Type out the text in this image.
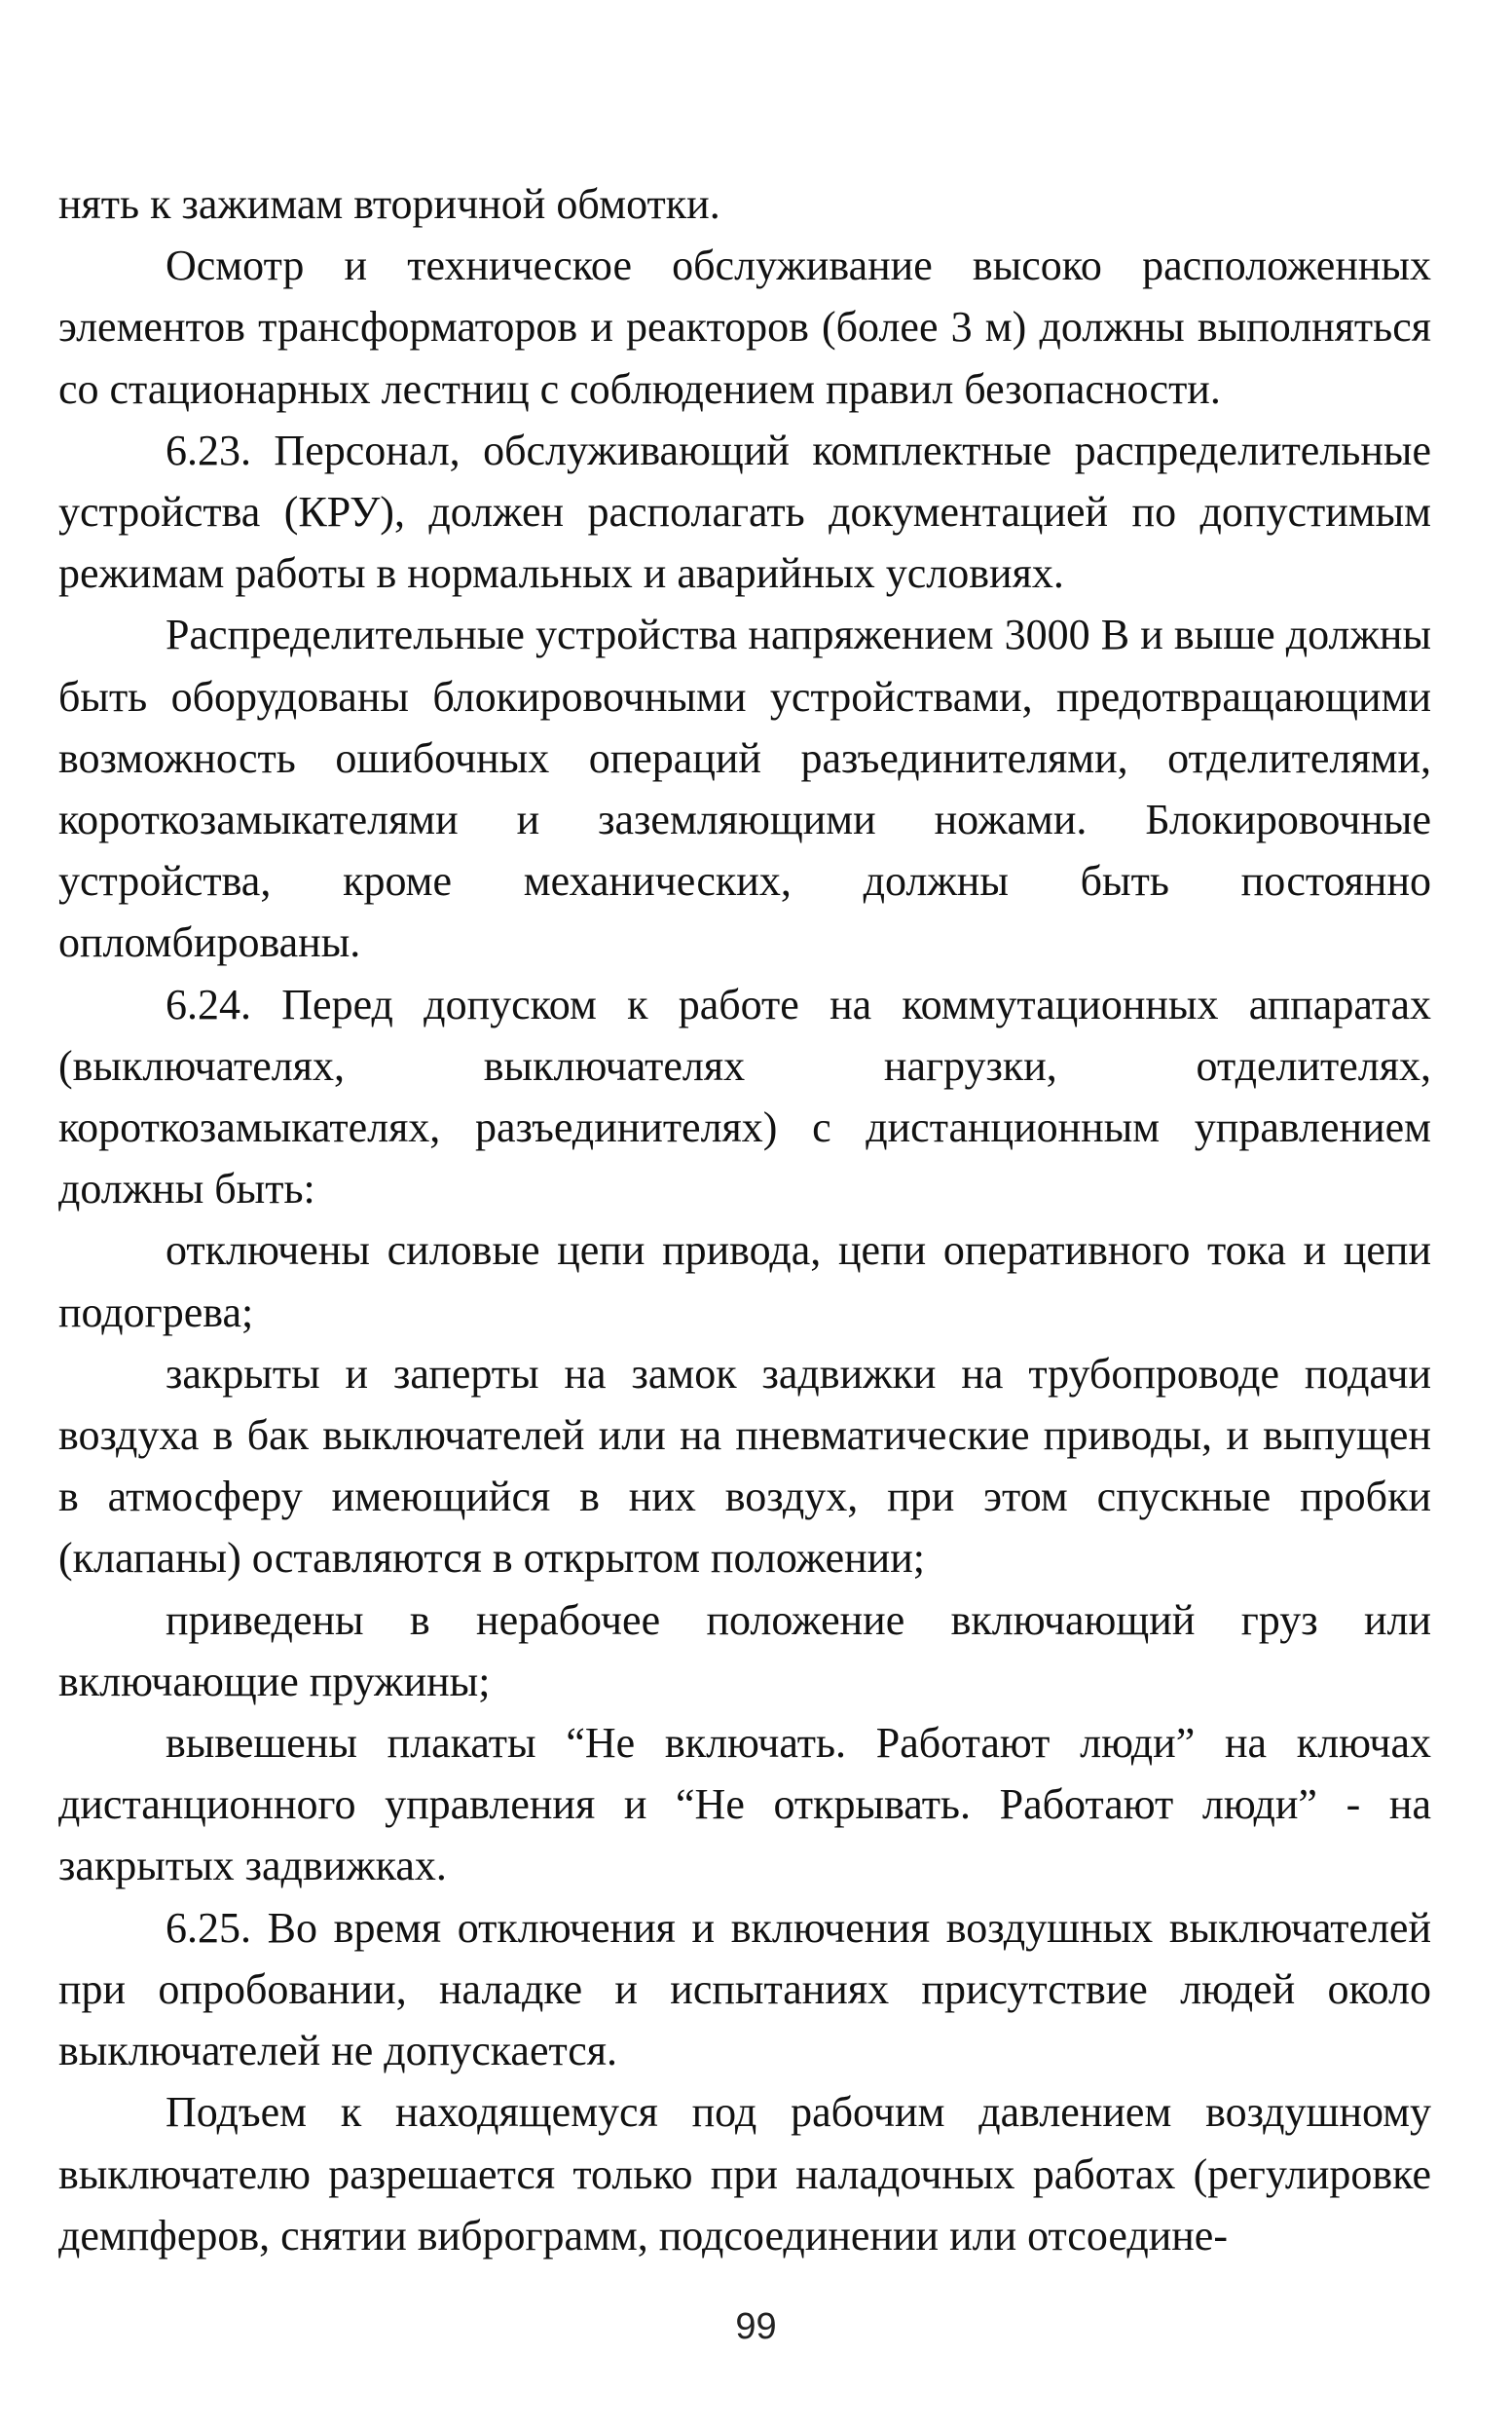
нять к зажимам вторичной обмотки.

Осмотр и техническое обслуживание высоко расположенных элементов трансформаторов и реакторов (более 3 м) должны выполняться со стационарных лестниц с соблюдением правил безопасности.

6.23. Персонал, обслуживающий комплектные распределительные устройства (КРУ), должен располагать документацией по допустимым режимам работы в нормальных и аварийных условиях.

Распределительные устройства напряжением 3000 В и выше должны быть оборудованы блокировочными устройствами, предотвращающими возможность ошибочных операций разъединителями, отделителями, короткозамыкателями и заземляющими ножами. Блокировочные устройства, кроме механических, должны быть постоянно опломбированы.

6.24. Перед допуском к работе на коммутационных аппаратах (выключателях, выключателях нагрузки, отделителях, короткозамыкателях, разъединителях) с дистанционным управлением должны быть:

отключены силовые цепи привода, цепи оперативного тока и цепи подогрева;

закрыты и заперты на замок задвижки на трубопроводе подачи воздуха в бак выключателей или на пневматические приводы, и выпущен в атмосферу имеющийся в них воздух, при этом спускные пробки (клапаны) оставляются в открытом положении;

приведены в нерабочее положение включающий груз или включающие пружины;

вывешены плакаты “Не включать. Работают люди” на ключах дистанционного управления и “Не открывать. Работают люди” - на закрытых задвижках.

6.25. Во время отключения и включения воздушных выключателей при опробовании, наладке и испытаниях присутствие людей около выключателей не допускается.

Подъем к находящемуся под рабочим давлением воздушному выключателю разрешается только при наладочных работах (регулировке демпферов, снятии виброграмм, подсоединении или отсоедине-

99
